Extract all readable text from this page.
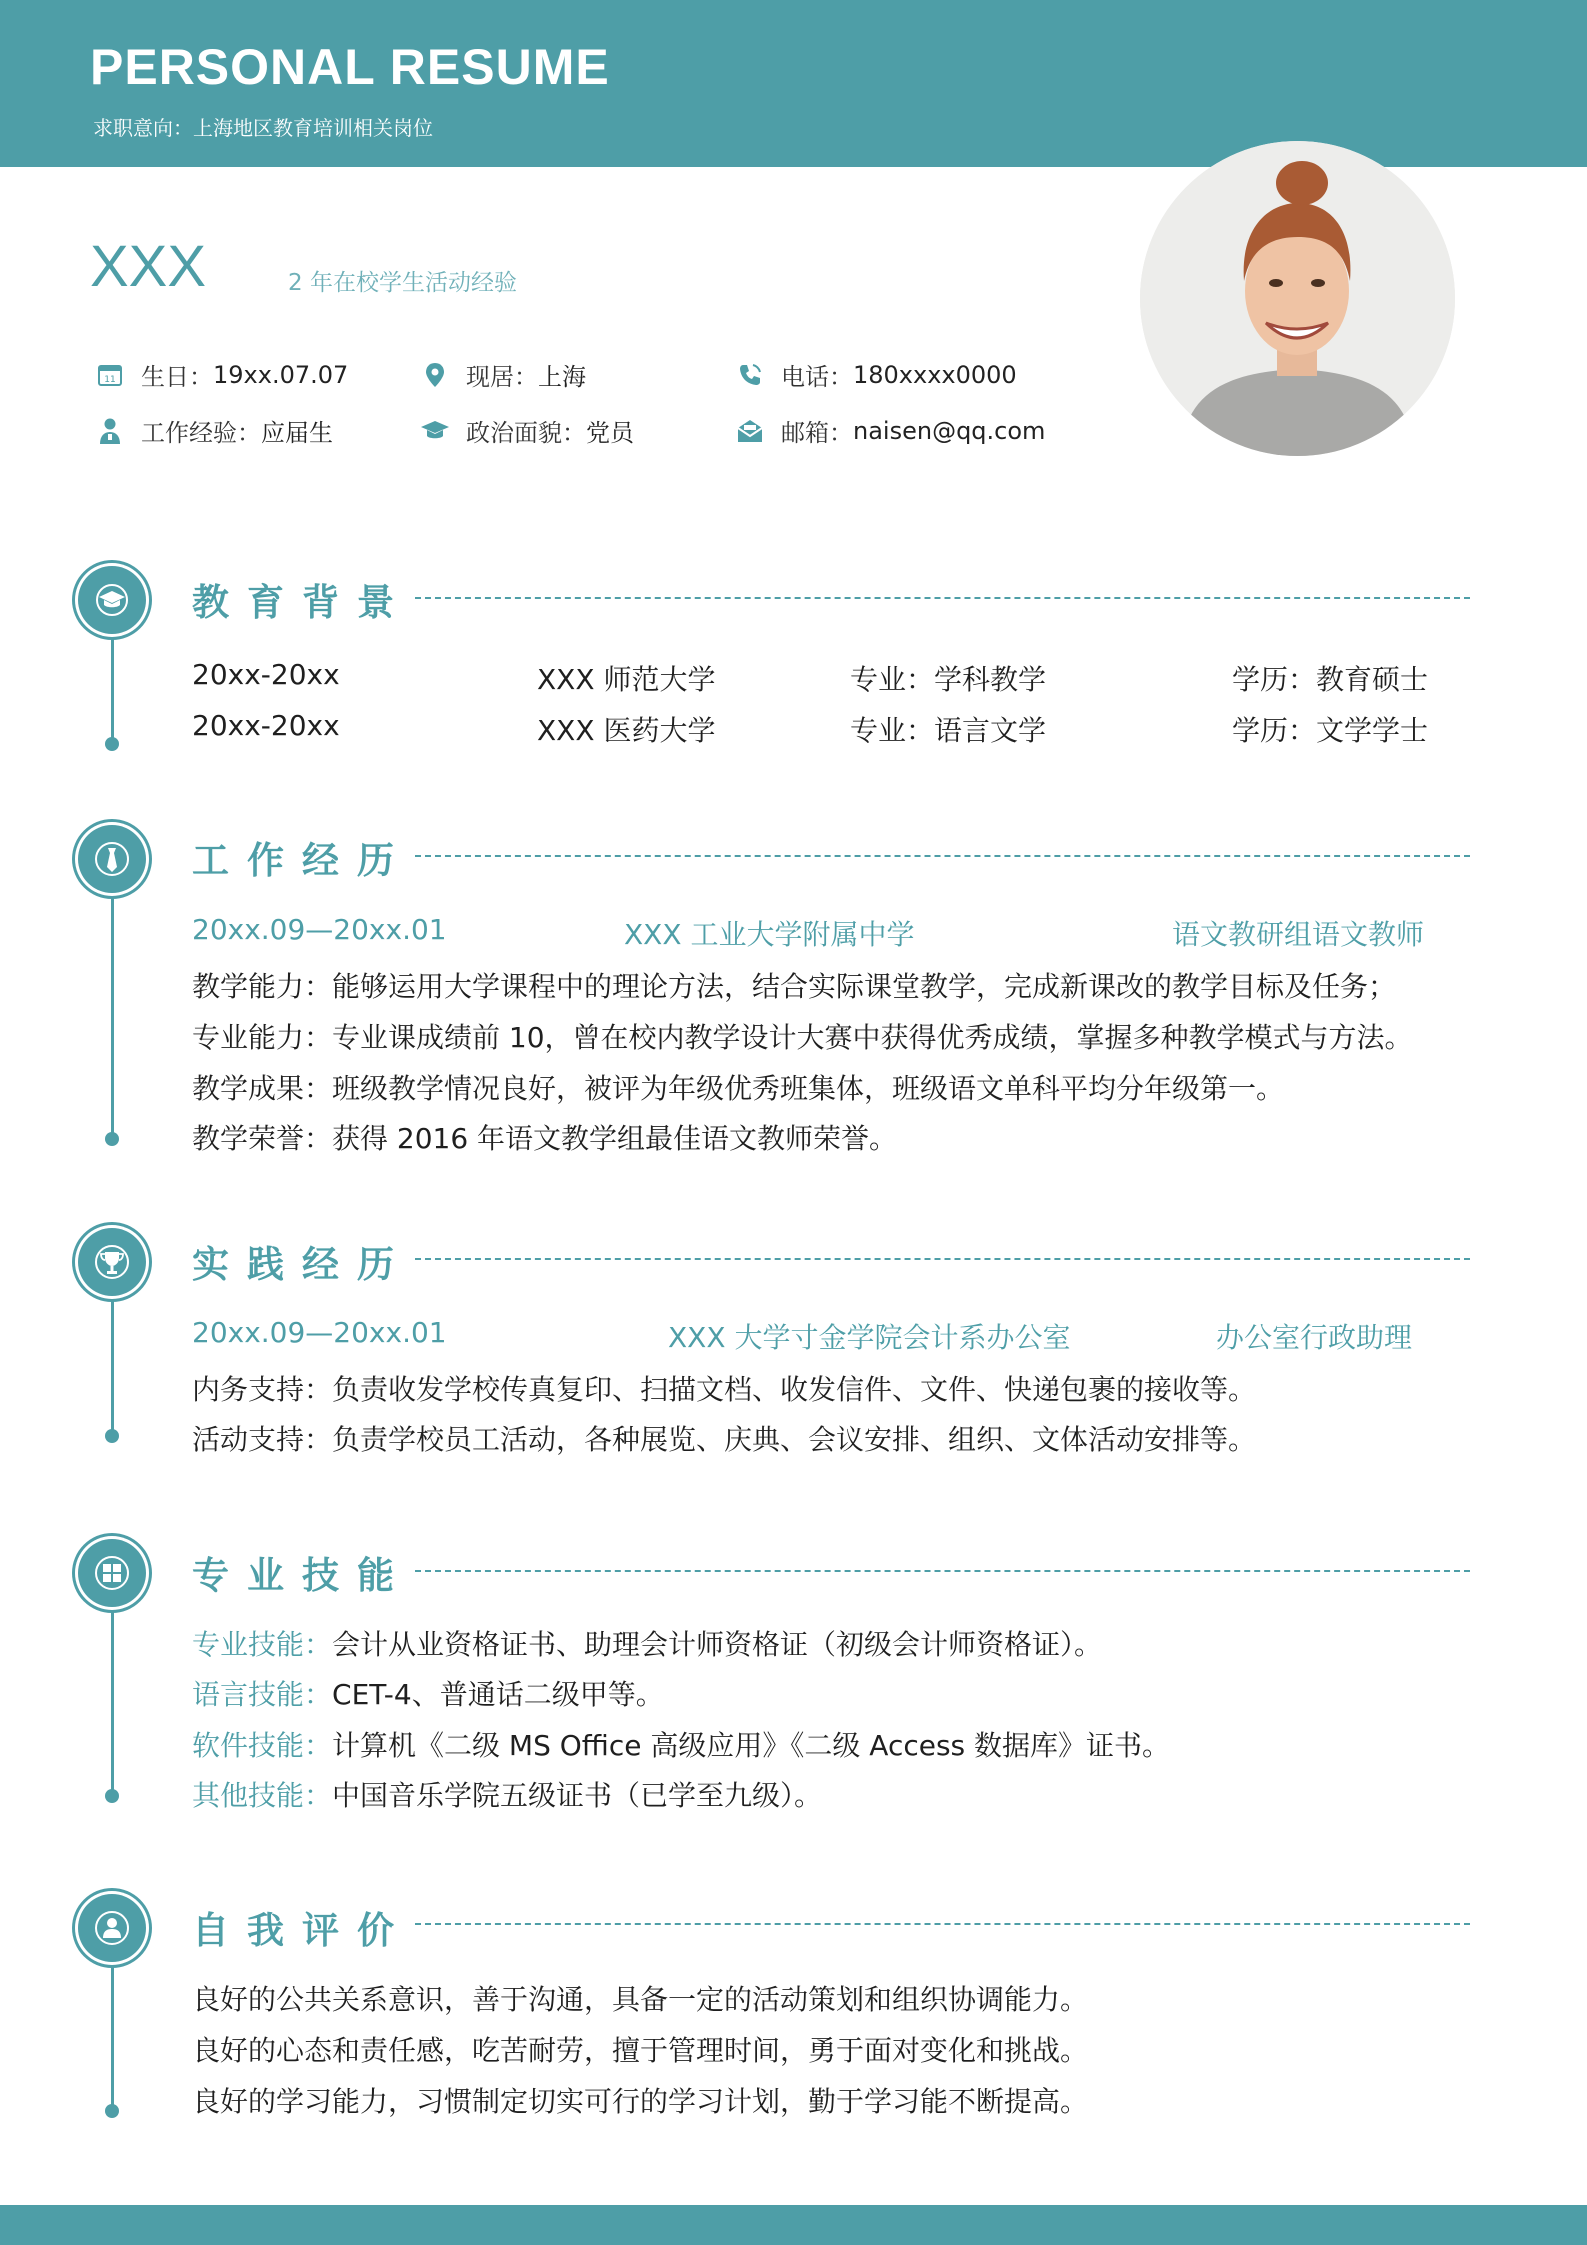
PERSONAL RESUME
求职意向：上海地区教育培训相关岗位
XXX	2 年在校学生活动经验
11 生日： 19xx.07.07	现居： 上海	电话： 180xxxx0000
工作经验： 应届生	政治面貌： 党员	邮箱： naisen@qq.com
教育背景
20xx-20xx	XXX 师范大学	专业：学科教学	学历：教育硕士
20xx-20xx	XXX 医药大学	专业：语言文学	学历：文学学士
工作经历
20xx.09—20xx.01	XXX 工业大学附属中学	语文教研组语文教师
教学能力：能够运用大学课程中的理论方法，结合实际课堂教学，完成新课改的教学目标及任务；
专业能力：专业课成绩前 10，曾在校内教学设计大赛中获得优秀成绩，掌握多种教学模式与方法。
教学成果：班级教学情况良好，被评为年级优秀班集体，班级语文单科平均分年级第一。
教学荣誉：获得 2016 年语文教学组最佳语文教师荣誉。
实践经历
20xx.09—20xx.01	XXX 大学寸金学院会计系办公室	办公室行政助理
内务支持：负责收发学校传真复印、扫描文档、收发信件、文件、快递包裹的接收等。
活动支持：负责学校员工活动，各种展览、庆典、会议安排、组织、文体活动安排等。
专业技能
专业技能：会计从业资格证书、助理会计师资格证（初级会计师资格证）。
语言技能：CET-4、普通话二级甲等。
软件技能：计算机《二级 MS Office 高级应用》《二级 Access 数据库》证书。
其他技能：中国音乐学院五级证书（已学至九级）。
自我评价
良好的公共关系意识，善于沟通，具备一定的活动策划和组织协调能力。
良好的心态和责任感，吃苦耐劳，擅于管理时间，勇于面对变化和挑战。
良好的学习能力，习惯制定切实可行的学习计划，勤于学习能不断提高。
